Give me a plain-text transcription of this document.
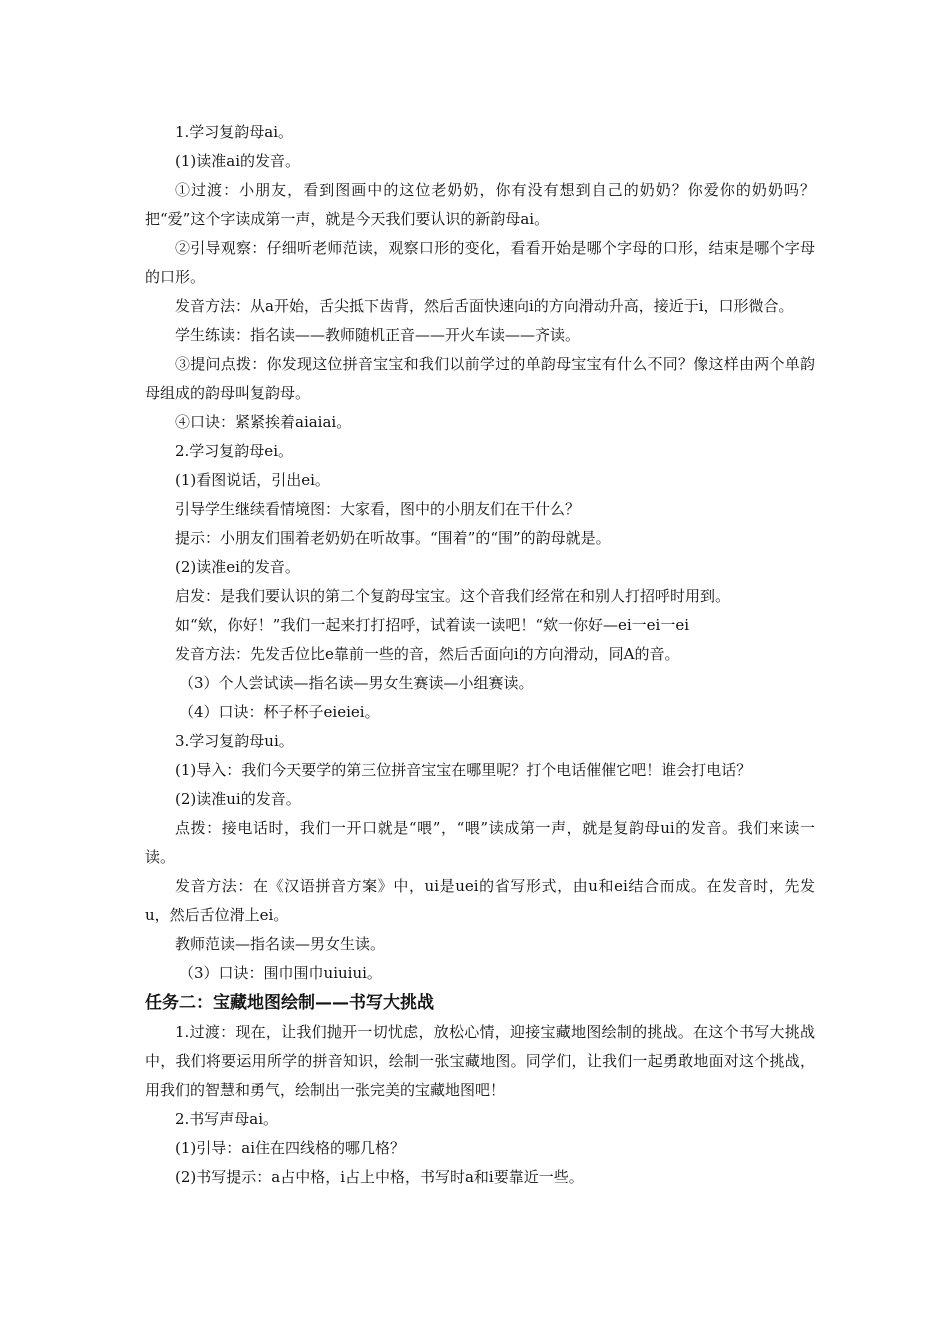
1.学习复韵母ai。

(1)读准ai的发音。

①过渡：小朋友，看到图画中的这位老奶奶，你有没有想到自己的奶奶？你爱你的奶奶吗？把“爱”这个字读成第一声，就是今天我们要认识的新韵母ai。

②引导观察：仔细听老师范读，观察口形的变化，看看开始是哪个字母的口形，结束是哪个字母的口形。

发音方法：从a开始，舌尖抵下齿背，然后舌面快速向i的方向滑动升高，接近于i，口形微合。

学生练读：指名读——教师随机正音——开火车读——齐读。

③提问点拨：你发现这位拼音宝宝和我们以前学过的单韵母宝宝有什么不同？像这样由两个单韵母组成的韵母叫复韵母。

④口诀：紧紧挨着aiaiai。

2.学习复韵母ei。

(1)看图说话，引出ei。

引导学生继续看情境图：大家看，图中的小朋友们在干什么？

提示：小朋友们围着老奶奶在听故事。“围着”的“围”的韵母就是。

(2)读准ei的发音。

启发：是我们要认识的第二个复韵母宝宝。这个音我们经常在和别人打招呼时用到。

如“欸，你好！”我们一起来打打招呼，试着读一读吧！“欸一你好—ei一ei一ei

发音方法：先发舌位比e靠前一些的音，然后舌面向i的方向滑动，同A的音。

（3）个人尝试读—指名读—男女生赛读—小组赛读。

（4）口诀：杯子杯子eieiei。

3.学习复韵母ui。

(1)导入：我们今天要学的第三位拼音宝宝在哪里呢？打个电话催催它吧！谁会打电话？

(2)读准ui的发音。

点拨：接电话时，我们一开口就是“喂”，“喂”读成第一声，就是复韵母ui的发音。我们来读一读。

发音方法：在《汉语拼音方案》中，ui是uei的省写形式，由u和ei结合而成。在发音时，先发u，然后舌位滑上ei。

教师范读—指名读—男女生读。

（3）口诀：围巾围巾uiuiui。

任务二：宝藏地图绘制——书写大挑战

1.过渡：现在，让我们抛开一切忧虑，放松心情，迎接宝藏地图绘制的挑战。在这个书写大挑战中，我们将要运用所学的拼音知识，绘制一张宝藏地图。同学们，让我们一起勇敢地面对这个挑战，用我们的智慧和勇气，绘制出一张完美的宝藏地图吧！

2.书写声母ai。

(1)引导：ai住在四线格的哪几格？

(2)书写提示：a占中格，i占上中格，书写时a和i要靠近一些。
